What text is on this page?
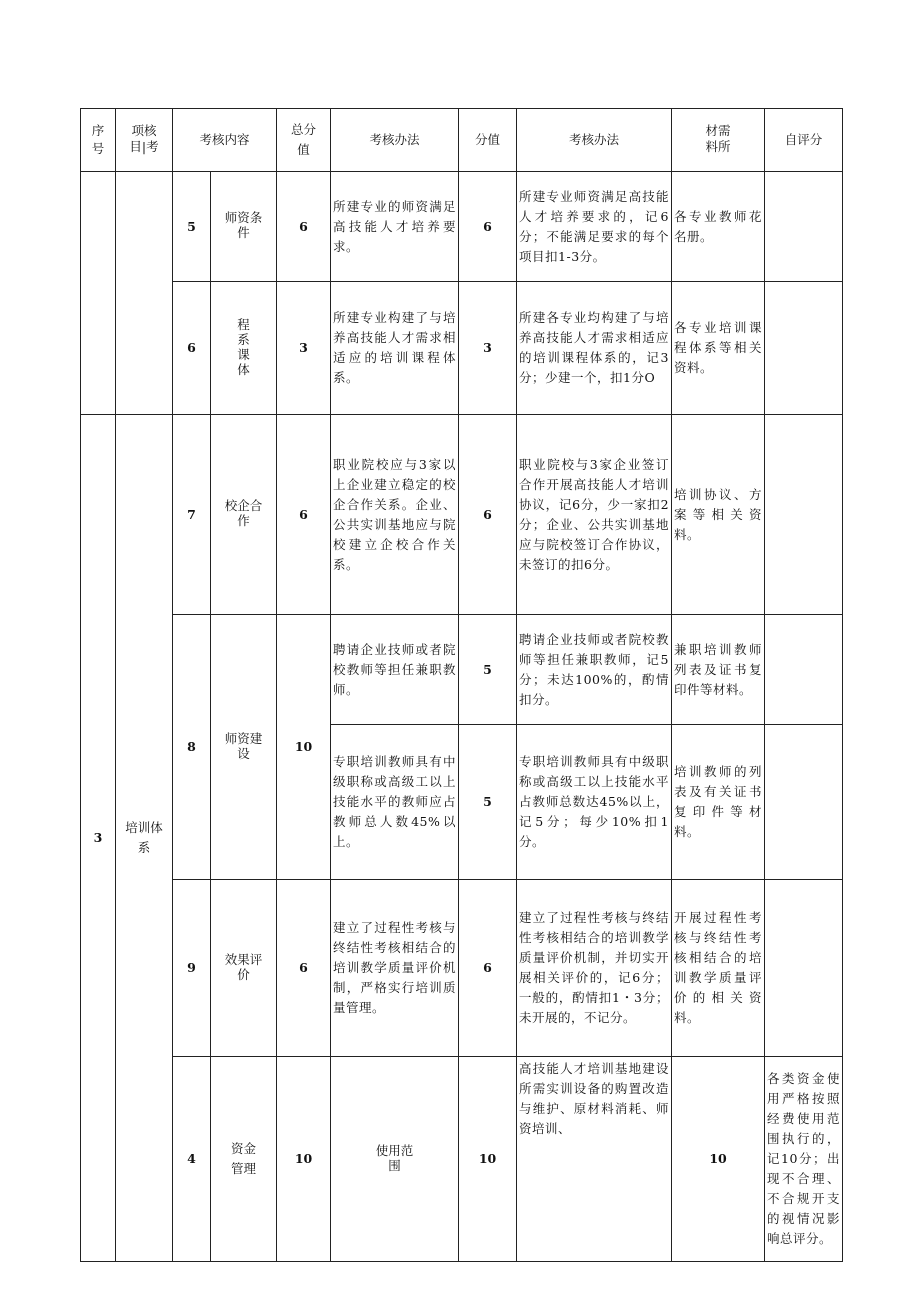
序号	项核目|考	考核内容		总分值	考核办法	分值	考核办法	材需料所	自评分	
		5	师资条件	6	所建专业的师资满足高技能人才培养要求。	6	所建专业师资满足高技能人才培养要求的，记6分；不能满足要求的每个项目扣1-3分。	各专业教师花名册。		
		6	程系课体	3	所建专业构建了与培养高技能人才需求相适应的培训课程体系。	3	所建各专业均构建了与培养高技能人才需求相适应的培训课程体系的，记3分；少建一个，扣1分O	各专业培训课程体系等相关资料。		
3	培训体系	7	校企合作	6	职业院校应与3家以上企业建立稳定的校企合作关系。企业、公共实训基地应与院校建立企校合作关系。	6	职业院校与3家企业签订合作开展高技能人才培训协议，记6分，少一家扣2分；企业、公共实训基地应与院校签订合作协议，未签订的扣6分。	培训协议、方案等相关资料。		
		8	师资建设	10	聘请企业技师或者院校教师等担任兼职教师。	5	聘请企业技师或者院校教师等担任兼职教师，记5分；未达100%的，酌情扣分。	兼职培训教师列表及证书复印件等材料。		
					专职培训教师具有中级职称或高级工以上技能水平的教师应占教师总人数45%以上。	5	专职培训教师具有中级职称或高级工以上技能水平占教师总数达45%以上，记5分；每少10%扣1分。	培训教师的列表及有关证书复印件等材料。		
		9	效果评价	6	建立了过程性考核与终结性考核相结合的培训教学质量评价机制，严格实行培训质量管理。	6	建立了过程性考核与终结性考核相结合的培训教学质量评价机制，并切实开展相关评价的，记6分；一般的，酌情扣1・3分；未开展的，不记分。	开展过程性考核与终结性考核相结合的培训教学质量评价的相关资料。		
		4	资金管理	10	使用范围	10	高技能人才培训基地建设所需实训设备的购置改造与维护、原材料消耗、师资培训、	10	各类资金使用严格按照经费使用范围执行的，记10分；出现不合理、不合规开支的视情况影响总评分。		
